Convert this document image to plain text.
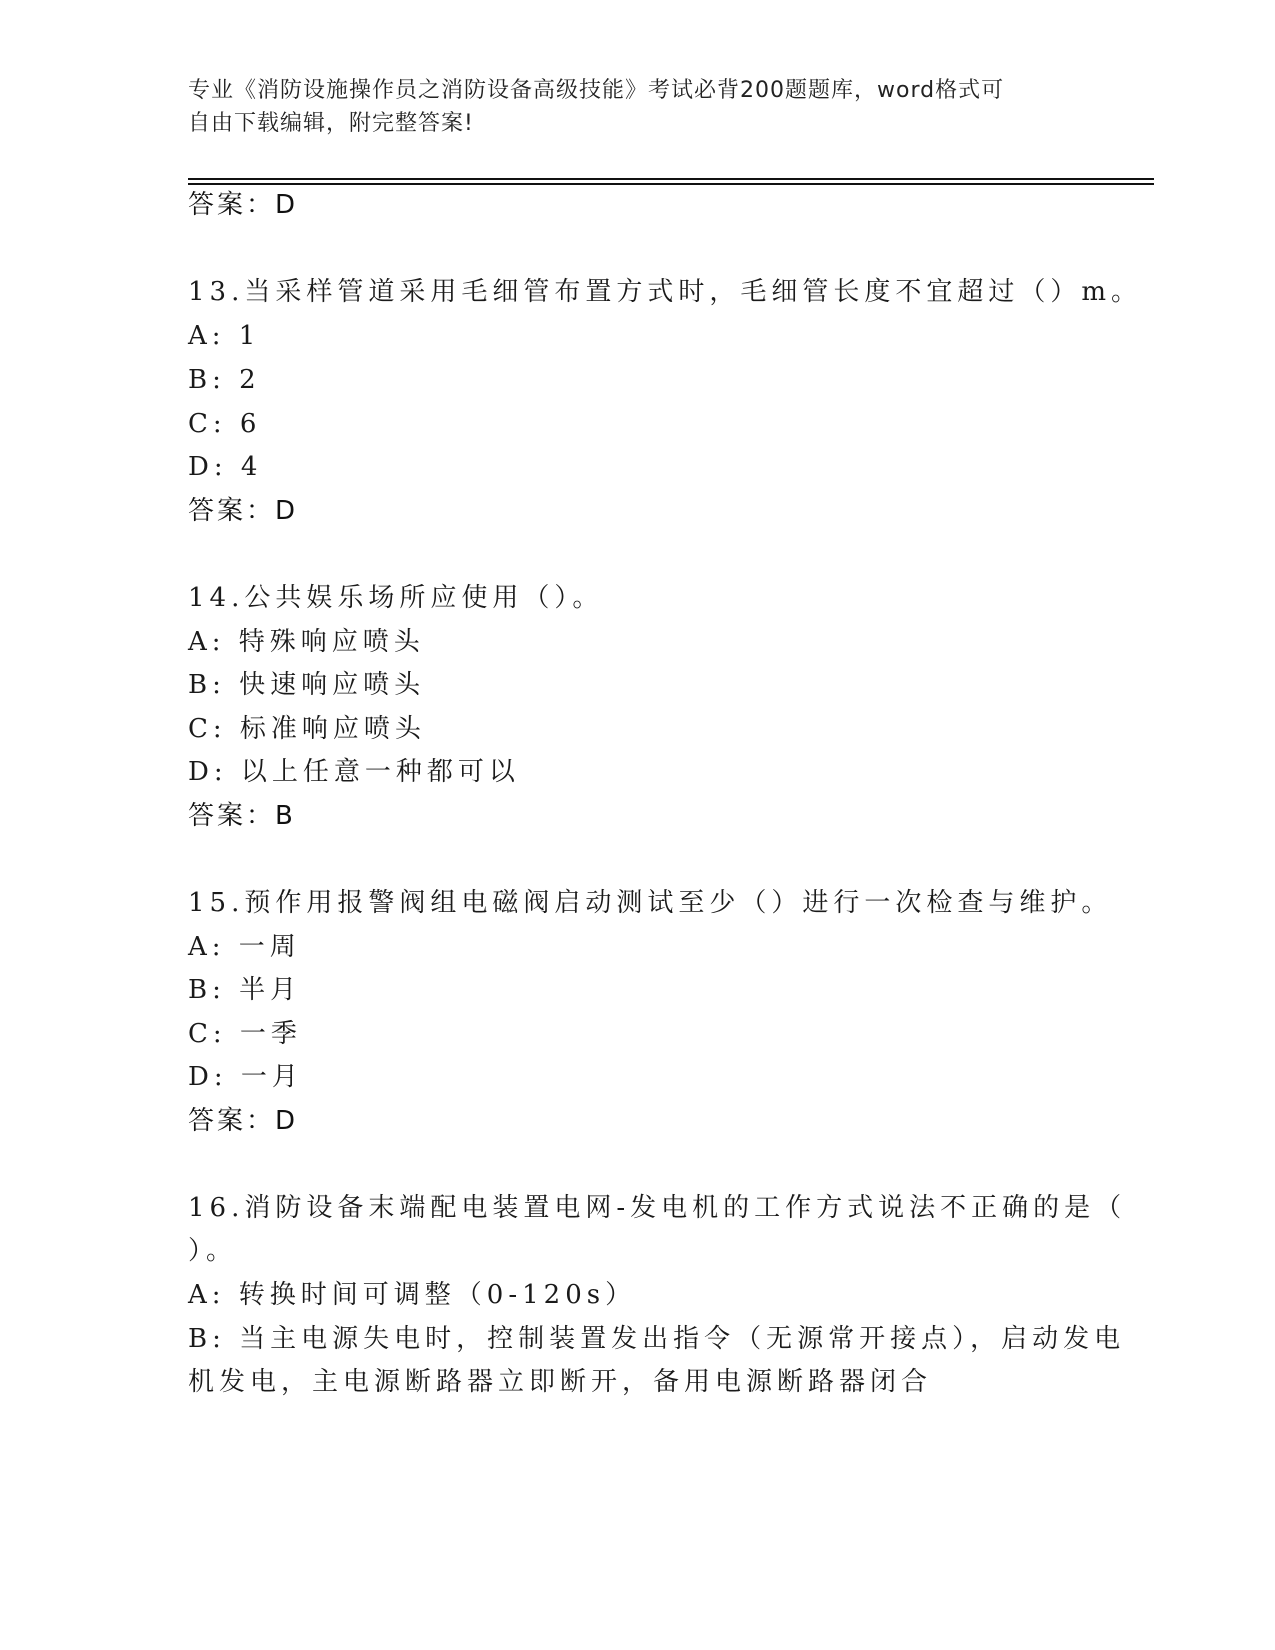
专业《消防设施操作员之消防设备高级技能》考试必背200题题库，word格式可
自由下载编辑，附完整答案!
答案：D
13.当采样管道采用毛细管布置方式时，毛细管长度不宜超过（）m。
A: 1
B: 2
C: 6
D: 4
答案：D
14.公共娱乐场所应使用（）。
A: 特殊响应喷头
B: 快速响应喷头
C: 标准响应喷头
D: 以上任意一种都可以
答案：B
15.预作用报警阀组电磁阀启动测试至少（）进行一次检查与维护。
A: 一周
B: 半月
C: 一季
D: 一月
答案：D
16.消防设备末端配电装置电网-发电机的工作方式说法不正确的是（
）。
A: 转换时间可调整（0-120s）
B: 当主电源失电时，控制装置发出指令（无源常开接点），启动发电
机发电，主电源断路器立即断开，备用电源断路器闭合
